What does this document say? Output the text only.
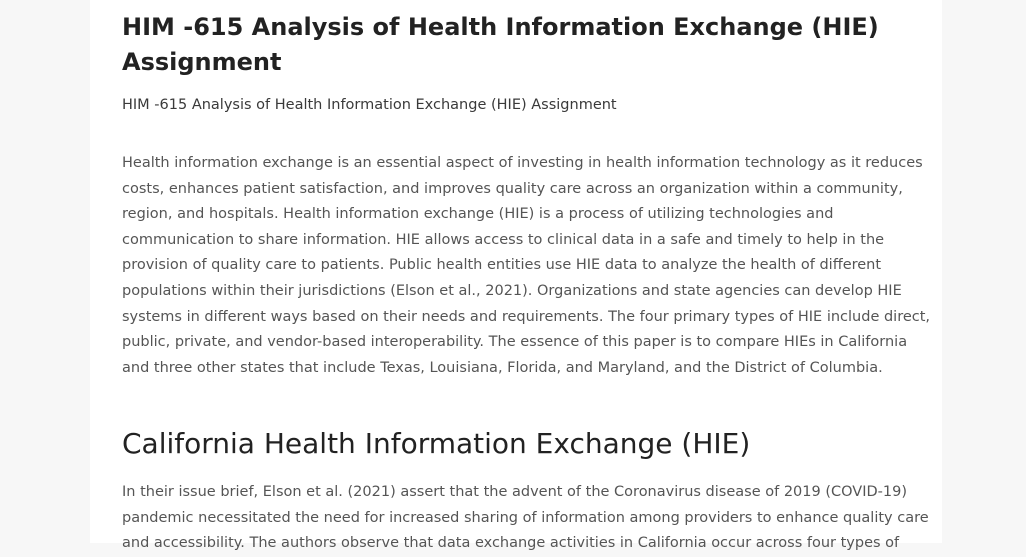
HIM -615 Analysis of Health Information Exchange (HIE)
Assignment

HIM -615 Analysis of Health Information Exchange (HIE) Assignment

Health information exchange is an essential aspect of investing in health information technology as it reduces
costs, enhances patient satisfaction, and improves quality care across an organization within a community,
region, and hospitals. Health information exchange (HIE) is a process of utilizing technologies and
communication to share information. HIE allows access to clinical data in a safe and timely to help in the
provision of quality care to patients. Public health entities use HIE data to analyze the health of different
populations within their jurisdictions (Elson et al., 2021). Organizations and state agencies can develop HIE
systems in different ways based on their needs and requirements. The four primary types of HIE include direct,
public, private, and vendor-based interoperability. The essence of this paper is to compare HIEs in California
and three other states that include Texas, Louisiana, Florida, and Maryland, and the District of Columbia.

California Health Information Exchange (HIE)

In their issue brief, Elson et al. (2021) assert that the advent of the Coronavirus disease of 2019 (COVID-19)
pandemic necessitated the need for increased sharing of information among providers to enhance quality care
and accessibility. The authors observe that data exchange activities in California occur across four types of
